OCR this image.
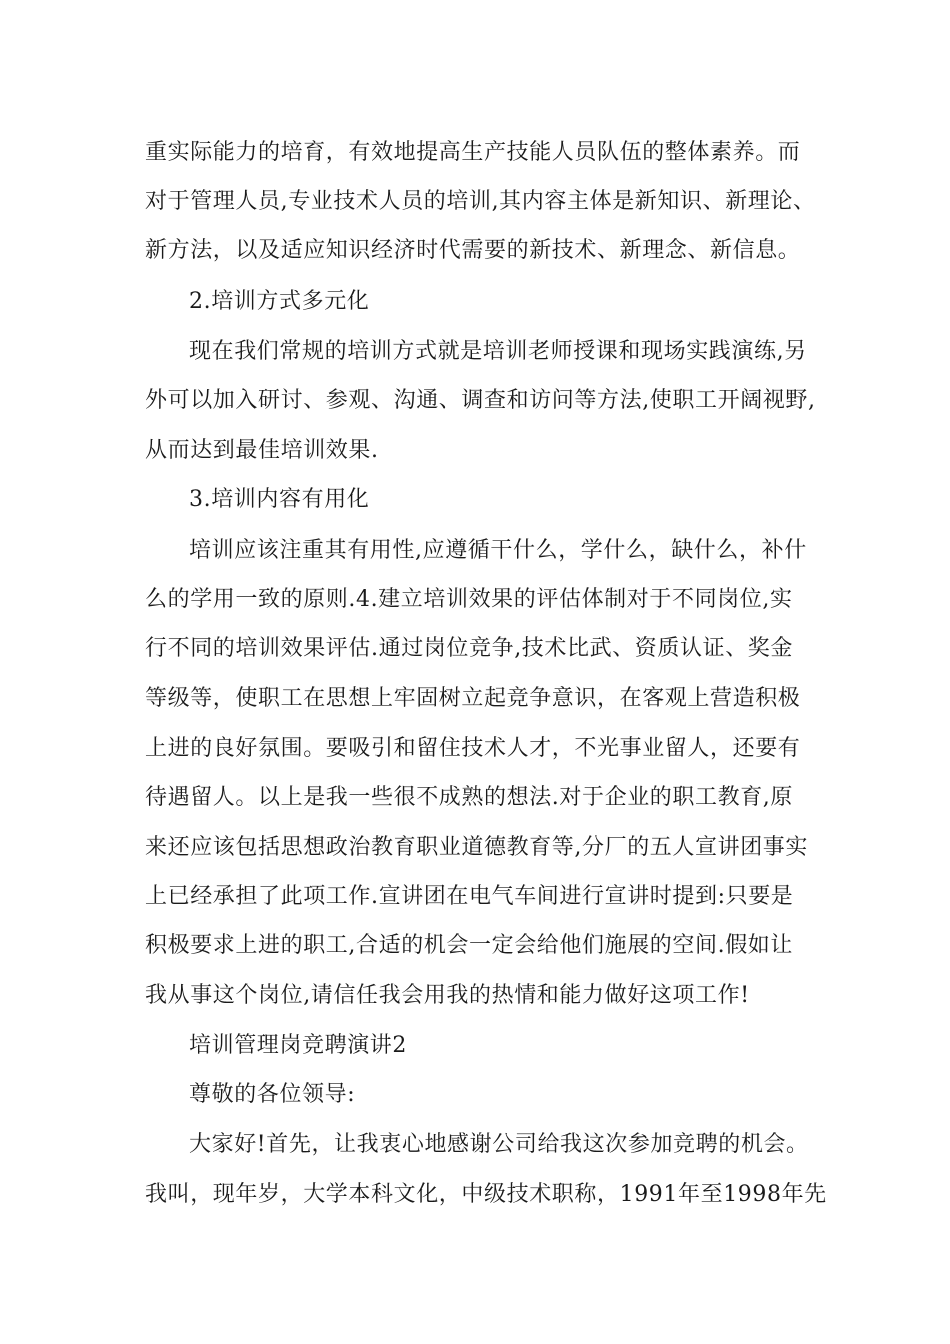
重实际能力的培育，有效地提高生产技能人员队伍的整体素养。而
对于管理人员,专业技术人员的培训,其内容主体是新知识、新理论、
新方法，以及适应知识经济时代需要的新技术、新理念、新信息。
2.培训方式多元化
现在我们常规的培训方式就是培训老师授课和现场实践演练,另
外可以加入研讨、参观、沟通、调查和访问等方法,使职工开阔视野,
从而达到最佳培训效果.
3.培训内容有用化
培训应该注重其有用性,应遵循干什么，学什么，缺什么，补什
么的学用一致的原则.4.建立培训效果的评估体制对于不同岗位,实
行不同的培训效果评估.通过岗位竞争,技术比武、资质认证、奖金
等级等，使职工在思想上牢固树立起竞争意识，在客观上营造积极
上进的良好氛围。要吸引和留住技术人才，不光事业留人，还要有
待遇留人。以上是我一些很不成熟的想法.对于企业的职工教育,原
来还应该包括思想政治教育职业道德教育等,分厂的五人宣讲团事实
上已经承担了此项工作.宣讲团在电气车间进行宣讲时提到:只要是
积极要求上进的职工,合适的机会一定会给他们施展的空间.假如让
我从事这个岗位,请信任我会用我的热情和能力做好这项工作!
培训管理岗竞聘演讲2
尊敬的各位领导:
大家好!首先，让我衷心地感谢公司给我这次参加竞聘的机会。
我叫，现年岁，大学本科文化，中级技术职称，1991年至1998年先
